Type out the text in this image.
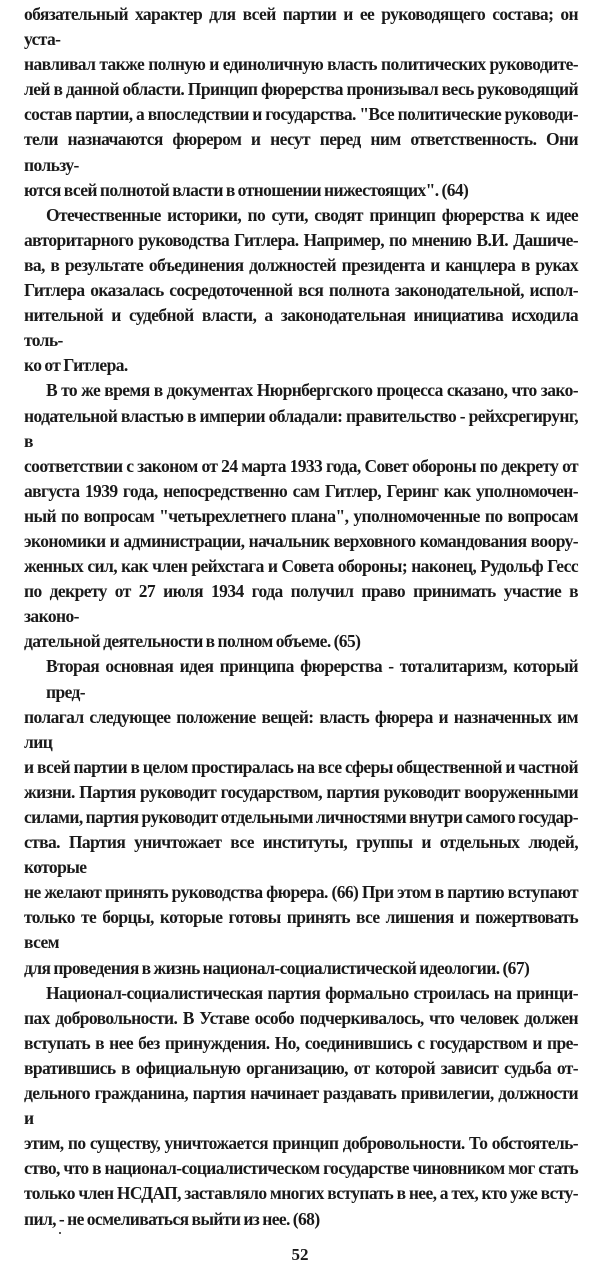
обязательный характер для всей партии и ее руководящего состава; он уста-
навливал также полную и единоличную власть политических руководите-
лей в данной области. Принцип фюрерства пронизывал весь руководящий
состав партии, а впоследствии и государства. "Все политические руководи-
тели назначаются фюрером и несут перед ним ответственность. Они пользу-
ются всей полнотой власти в отношении нижестоящих". (64)
Отечественные историки, по сути, сводят принцип фюрерства к идее
авторитарного руководства Гитлера. Например, по мнению В.И. Дашиче-
ва, в результате объединения должностей президента и канцлера в руках
Гитлера оказалась сосредоточенной вся полнота законодательной, испол-
нительной и судебной власти, а законодательная инициатива исходила толь-
ко от Гитлера.
В то же время в документах Нюрнбергского процесса сказано, что зако-
нодательной властью в империи обладали: правительство - рейхсрегирунг, в
соответствии с законом от 24 марта 1933 года, Совет обороны по декрету от
августа 1939 года, непосредственно сам Гитлер, Геринг как уполномочен-
ный по вопросам "четырехлетнего плана", уполномоченные по вопросам
экономики и администрации, начальник верховного командования воору-
женных сил, как член рейхстага и Совета обороны; наконец, Рудольф Гесс
по декрету от 27 июля 1934 года получил право принимать участие в законо-
дательной деятельности в полном объеме. (65)
Вторая основная идея принципа фюрерства - тоталитаризм, который пред-
полагал следующее положение вещей: власть фюрера и назначенных им лиц
и всей партии в целом простиралась на все сферы общественной и частной
жизни. Партия руководит государством, партия руководит вооруженными
силами, партия руководит отдельными личностями внутри самого государ-
ства. Партия уничтожает все институты, группы и отдельных людей, которые
не желают принять руководства фюрера. (66) При этом в партию вступают
только те борцы, которые готовы принять все лишения и пожертвовать всем
для проведения в жизнь национал-социалистической идеологии. (67)
Национал-социалистическая партия формально строилась на принци-
пах добровольности. В Уставе особо подчеркивалось, что человек должен
вступать в нее без принуждения. Но, соединившись с государством и пре-
вратившись в официальную организацию, от которой зависит судьба от-
дельного гражданина, партия начинает раздавать привилегии, должности и
этим, по существу, уничтожается принцип добровольности. То обстоятель-
ство, что в национал-социалистическом государстве чиновником мог стать
только член НСДАП, заставляло многих вступать в нее, а тех, кто уже всту-
пил, - не осмеливаться выйти из нее. (68)
52
